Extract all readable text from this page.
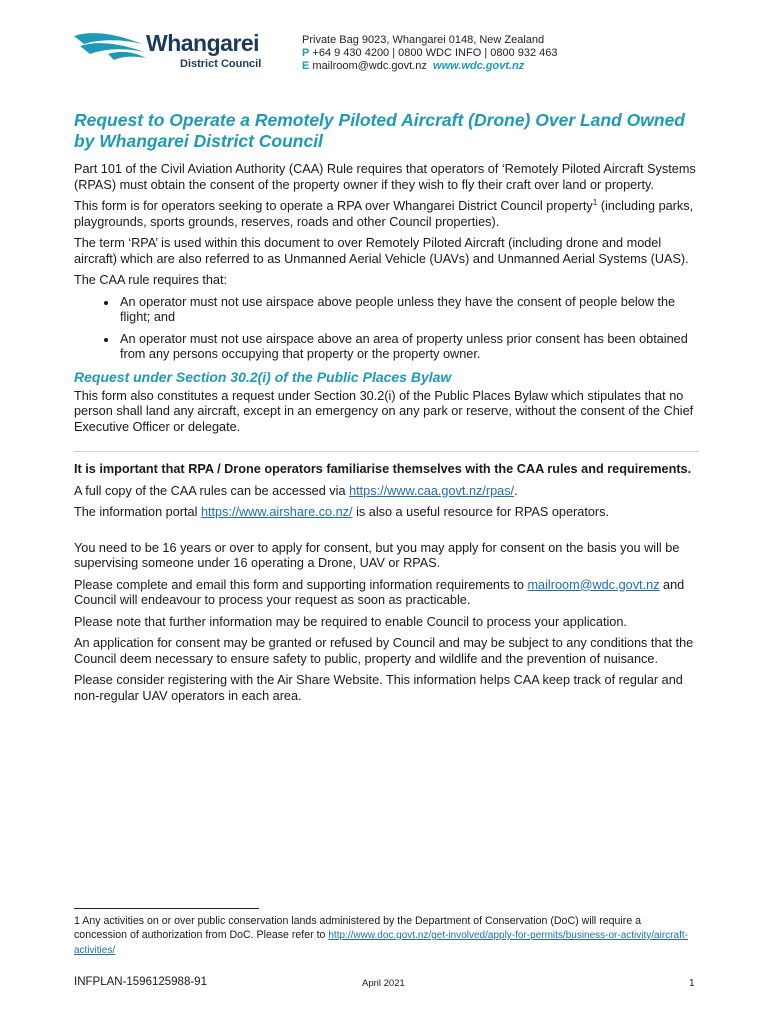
Whangarei
District Council
Private Bag 9023, Whangarei 0148, New Zealand
P +64 9 430 4200 | 0800 WDC INFO | 0800 932 463
E mailroom@wdc.govt.nz www.wdc.govt.nz
Request to Operate a Remotely Piloted Aircraft (Drone) Over Land Owned by Whangarei District Council

Part 101 of the Civil Aviation Authority (CAA) Rule requires that operators of ‘Remotely Piloted Aircraft Systems (RPAS) must obtain the consent of the property owner if they wish to fly their craft over land or property.

This form is for operators seeking to operate a RPA over Whangarei District Council property$^1$ (including parks, playgrounds, sports grounds, reserves, roads and other Council properties).

The term ‘RPA’ is used within this document to over Remotely Piloted Aircraft (including drone and model aircraft) which are also referred to as Unmanned Aerial Vehicle (UAVs) and Unmanned Aerial Systems (UAS).

The CAA rule requires that:

• An operator must not use airspace above people unless they have the consent of people below the flight; and
• An operator must not use airspace above an area of property unless prior consent has been obtained from any persons occupying that property or the property owner.
Request under Section 30.2(i) of the Public Places Bylaw

This form also constitutes a request under Section 30.2(i) of the Public Places Bylaw which stipulates that no person shall land any aircraft, except in an emergency on any park or reserve, without the consent of the Chief Executive Officer or delegate.

It is important that RPA / Drone operators familiarise themselves with the CAA rules and requirements.

A full copy of the CAA rules can be accessed via https://www.caa.govt.nz/rpas/.

The information portal https://www.airshare.co.nz/ is also a useful resource for RPAS operators.

You need to be 16 years or over to apply for consent, but you may apply for consent on the basis you will be supervising someone under 16 operating a Drone, UAV or RPAS.

Please complete and email this form and supporting information requirements to mailroom@wdc.govt.nz and Council will endeavour to process your request as soon as practicable.

Please note that further information may be required to enable Council to process your application.

An application for consent may be granted or refused by Council and may be subject to any conditions that the Council deem necessary to ensure safety to public, property and wildlife and the prevention of nuisance.

Please consider registering with the Air Share Website. This information helps CAA keep track of regular and non-regular UAV operators in each area.

1 Any activities on or over public conservation lands administered by the Department of Conservation (DoC) will require a concession of authorization from DoC. Please refer to http://www.doc.govt.nz/get-involved/apply-for-permits/business-or-activity/aircraft-activities/
INFPLAN-1596125988-91	April 2021	1
